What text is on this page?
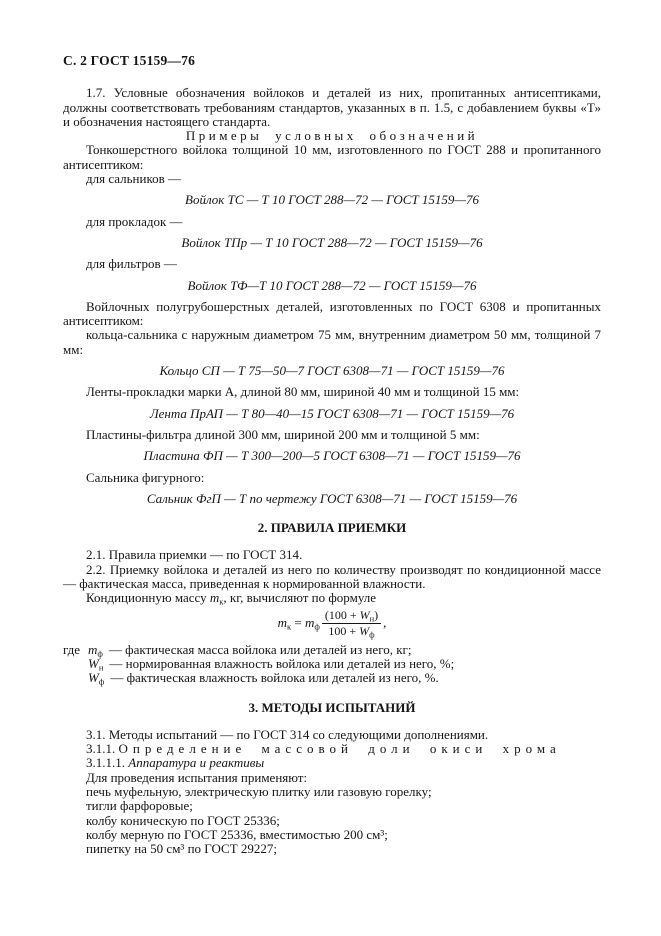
С. 2 ГОСТ 15159—76

1.7. Условные обозначения войлоков и деталей из них, пропитанных антисептиками, должны соответствовать требованиям стандартов, указанных в п. 1.5, с добавлением буквы «Т» и обозначения настоящего стандарта.

Примеры условных обозначений

Тонкошерстного войлока толщиной 10 мм, изготовленного по ГОСТ 288 и пропитанного антисептиком:

для сальников —

Войлок ТС — Т 10 ГОСТ 288—72 — ГОСТ 15159—76

для прокладок —

Войлок ТПр — Т 10 ГОСТ 288—72 — ГОСТ 15159—76

для фильтров —

Войлок ТФ—Т 10 ГОСТ 288—72 — ГОСТ 15159—76

Войлочных полугрубошерстных деталей, изготовленных по ГОСТ 6308 и пропитанных антисептиком:

кольца-сальника с наружным диаметром 75 мм, внутренним диаметром 50 мм, толщиной 7 мм:

Кольцо СП — Т 75—50—7 ГОСТ 6308—71 — ГОСТ 15159—76

Ленты-прокладки марки А, длиной 80 мм, шириной 40 мм и толщиной 15 мм:

Лента ПрАП — Т 80—40—15 ГОСТ 6308—71 — ГОСТ 15159—76

Пластины-фильтра длиной 300 мм, шириной 200 мм и толщиной 5 мм:

Пластина ФП — Т 300—200—5 ГОСТ 6308—71 — ГОСТ 15159—76

Сальника фигурного:

Сальник ФгП — Т по чертежу ГОСТ 6308—71 — ГОСТ 15159—76

2. ПРАВИЛА ПРИЕМКИ

2.1. Правила приемки — по ГОСТ 314.

2.2. Приемку войлока и деталей из него по количеству производят по кондиционной массе — фактическая масса, приведенная к нормированной влажности.

Кондиционную массу $m_к$, кг, вычисляют по формуле

$m_к = m_ф \frac{(100 + W_н)}{100 + W_ф}$ ,
где $m_ф$ — фактическая масса войлока или деталей из него, кг;
$W_н$ — нормированная влажность войлока или деталей из него, %;
$W_ф$ — фактическая влажность войлока или деталей из него, %.

3. МЕТОДЫ ИСПЫТАНИЙ

3.1. Методы испытаний — по ГОСТ 314 со следующими дополнениями.

3.1.1. Определение массовой доли окиси хрома

3.1.1.1. Аппаратура и реактивы

Для проведения испытания применяют:

печь муфельную, электрическую плитку или газовую горелку;

тигли фарфоровые;

колбу коническую по ГОСТ 25336;

колбу мерную по ГОСТ 25336, вместимостью 200 см³;

пипетку на 50 см³ по ГОСТ 29227;
